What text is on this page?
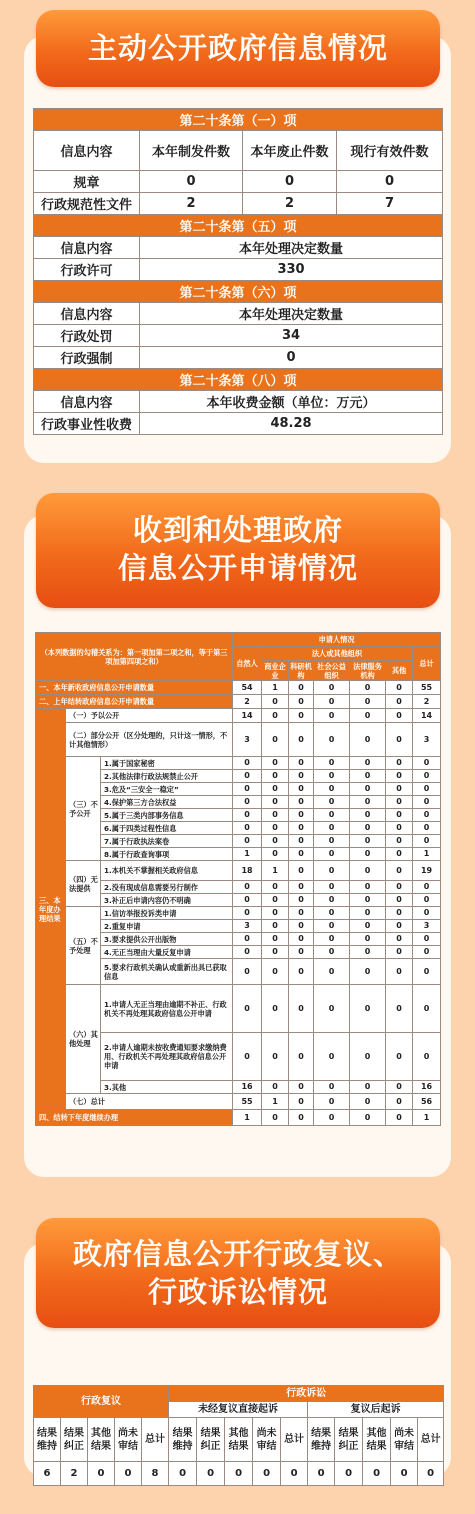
主动公开政府信息情况
第二十条第（一）项			
信息内容	本年制发件数	本年废止件数	现行有效件数
规章	0	0	0
行政规范性文件	2	2	7
第二十条第（五）项			
信息内容	本年处理决定数量		
行政许可	330		
第二十条第（六）项			
信息内容	本年处理决定数量		
行政处罚	34		
行政强制	0		
第二十条第（八）项			
信息内容	本年收费金额（单位：万元）		
行政事业性收费	48.28		
收到和处理政府
信息公开申请情况
（本列数据的勾稽关系为：第一项加第二项之和，等于第三项加第四项之和）			申请人情况						
			自然人	法人或其他组织					总计
				商业企业	科研机构	社会公益组织	法律服务机构	其他	
一、本年新收政府信息公开申请数量			54	1	0	0	0	0	55
二、上年结转政府信息公开申请数量			2	0	0	0	0	0	2
三、本年度办理结果	（一）予以公开		14	0	0	0	0	0	14
	（二）部分公开（区分处理的，只计这一情形，不计其他情形）		3	0	0	0	0	0	3
	（三）不予公开	1.属于国家秘密	0	0	0	0	0	0	0
		2.其他法律行政法规禁止公开	0	0	0	0	0	0	0
		3.危及“三安全一稳定”	0	0	0	0	0	0	0
		4.保护第三方合法权益	0	0	0	0	0	0	0
		5.属于三类内部事务信息	0	0	0	0	0	0	0
		6.属于四类过程性信息	0	0	0	0	0	0	0
		7.属于行政执法案卷	0	0	0	0	0	0	0
		8.属于行政查询事项	1	0	0	0	0	0	1
	（四）无法提供	1.本机关不掌握相关政府信息	18	1	0	0	0	0	19
		2.没有现成信息需要另行制作	0	0	0	0	0	0	0
		3.补正后申请内容仍不明确	0	0	0	0	0	0	0
	（五）不予处理	1.信访举报投诉类申请	0	0	0	0	0	0	0
		2.重复申请	3	0	0	0	0	0	3
		3.要求提供公开出版物	0	0	0	0	0	0	0
		4.无正当理由大量反复申请	0	0	0	0	0	0	0
		5.要求行政机关确认或重新出具已获取信息	0	0	0	0	0	0	0
	（六）其他处理	1.申请人无正当理由逾期不补正、行政机关不再处理其政府信息公开申请	0	0	0	0	0	0	0
		2.申请人逾期未按收费通知要求缴纳费用、行政机关不再处理其政府信息公开申请	0	0	0	0	0	0	0
		3.其他	16	0	0	0	0	0	16
	（七）总计		55	1	0	0	0	0	56
四、结转下年度继续办理			1	0	0	0	0	0	1
政府信息公开行政复议、
行政诉讼情况
行政复议					行政诉讼									
					未经复议直接起诉					复议后起诉				
结果维持	结果纠正	其他结果	尚未审结	总计	结果维持	结果纠正	其他结果	尚未审结	总计	结果维持	结果纠正	其他结果	尚未审结	总计
6	2	0	0	8	0	0	0	0	0	0	0	0	0	0
